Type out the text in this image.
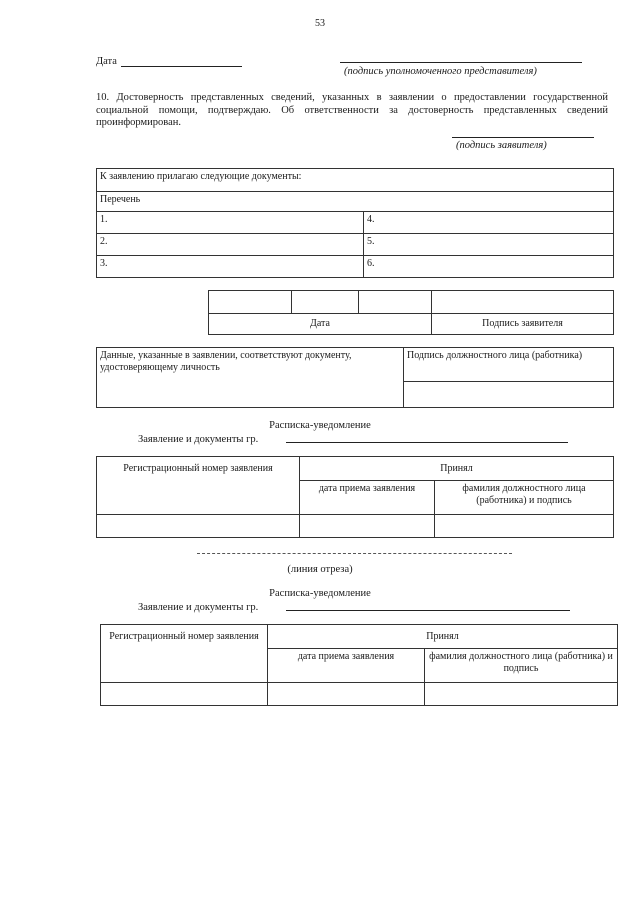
53
Дата
(подпись уполномоченного представителя)
10. Достоверность представленных сведений, указанных в заявлении о предоставлении государственной социальной помощи, подтверждаю. Об ответственности за достоверность представленных сведений проинформирован.
(подпись заявителя)
К заявлению прилагаю следующие документы:	
Перечень	
1.	4.
2.	5.
3.	6.

Дата			Подпись заявителя
Данные, указанные в заявлении, соответствуют документу, удостоверяющему личность	Подпись должностного лица (работника)

Расписка-уведомление
Заявление и документы гр.
Регистрационный номер заявления	Принял	
	дата приема заявления	фамилия должностного лица (работника) и подпись

(линия отреза)
Расписка-уведомление
Заявление и документы гр.
Регистрационный номер заявления	Принял	
	дата приема заявления	фамилия должностного лица (работника) и подпись
